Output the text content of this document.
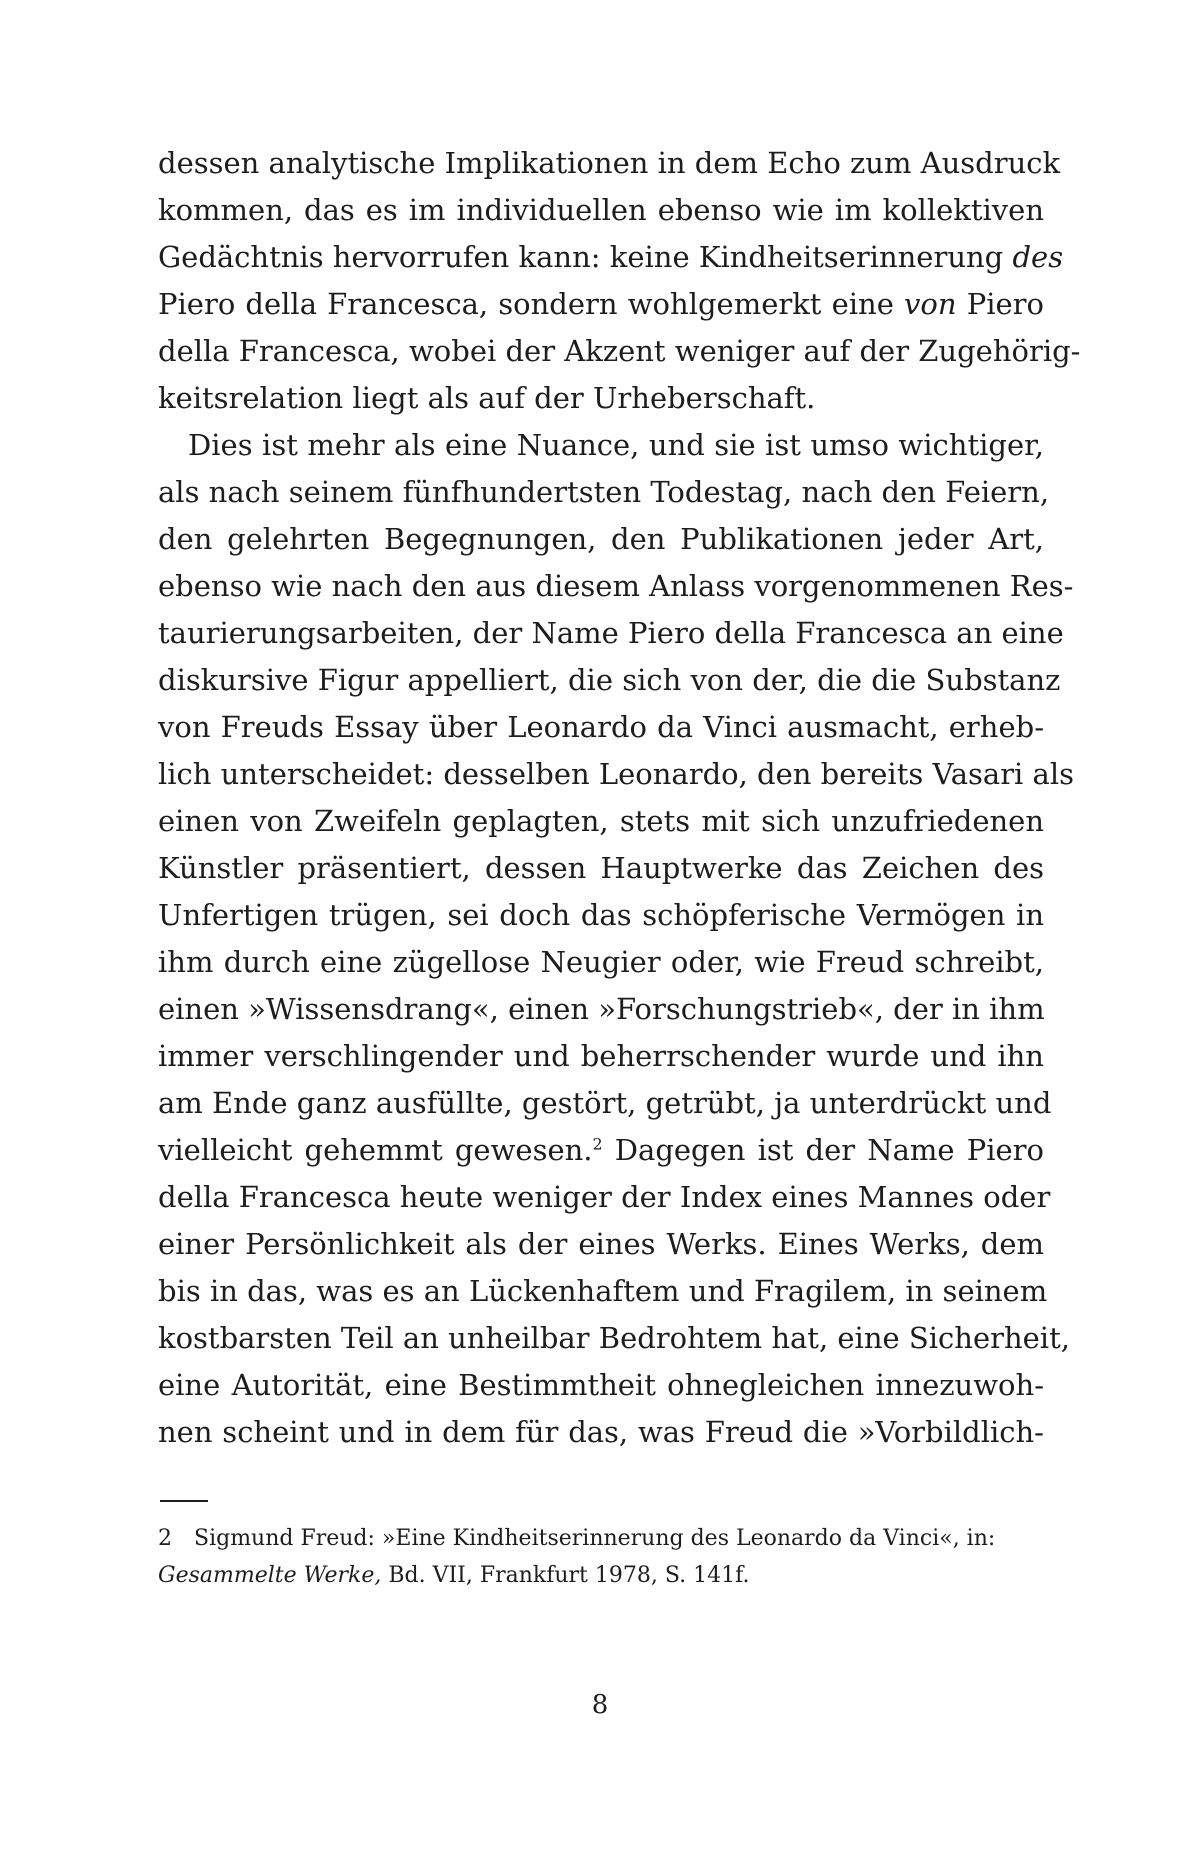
dessen analytische Implikationen in dem Echo zum Ausdruck
kommen, das es im individuellen ebenso wie im kollektiven
Gedächtnis hervorrufen kann: keine Kindheitserinnerung des
Piero della Francesca, sondern wohlgemerkt eine von Piero
della Francesca, wobei der Akzent weniger auf der Zugehörig-
keitsrelation liegt als auf der Urheberschaft.
Dies ist mehr als eine Nuance, und sie ist umso wichtiger,
als nach seinem fünfhundertsten Todestag, nach den Feiern,
den gelehrten Begegnungen, den Publikationen jeder Art,
ebenso wie nach den aus diesem Anlass vorgenommenen Res-
taurierungsarbeiten, der Name Piero della Francesca an eine
diskursive Figur appelliert, die sich von der, die die Substanz
von Freuds Essay über Leonardo da Vinci ausmacht, erheb-
lich unterscheidet: desselben Leonardo, den bereits Vasari als
einen von Zweifeln geplagten, stets mit sich unzufriedenen
Künstler präsentiert, dessen Hauptwerke das Zeichen des
Unfertigen trügen, sei doch das schöpferische Vermögen in
ihm durch eine zügellose Neugier oder, wie Freud schreibt,
einen »Wissensdrang«, einen »Forschungstrieb«, der in ihm
immer verschlingender und beherrschender wurde und ihn
am Ende ganz ausfüllte, gestört, getrübt, ja unterdrückt und
vielleicht gehemmt gewesen.$^2$ Dagegen ist der Name Piero
della Francesca heute weniger der Index eines Mannes oder
einer Persönlichkeit als der eines Werks. Eines Werks, dem
bis in das, was es an Lückenhaftem und Fragilem, in seinem
kostbarsten Teil an unheilbar Bedrohtem hat, eine Sicherheit,
eine Autorität, eine Bestimmtheit ohnegleichen innezuwoh-
nen scheint und in dem für das, was Freud die »Vorbildlich-
2 Sigmund Freud: »Eine Kindheitserinnerung des Leonardo da Vinci«, in:
Gesammelte Werke, Bd. VII, Frankfurt 1978, S. 141f.
8
